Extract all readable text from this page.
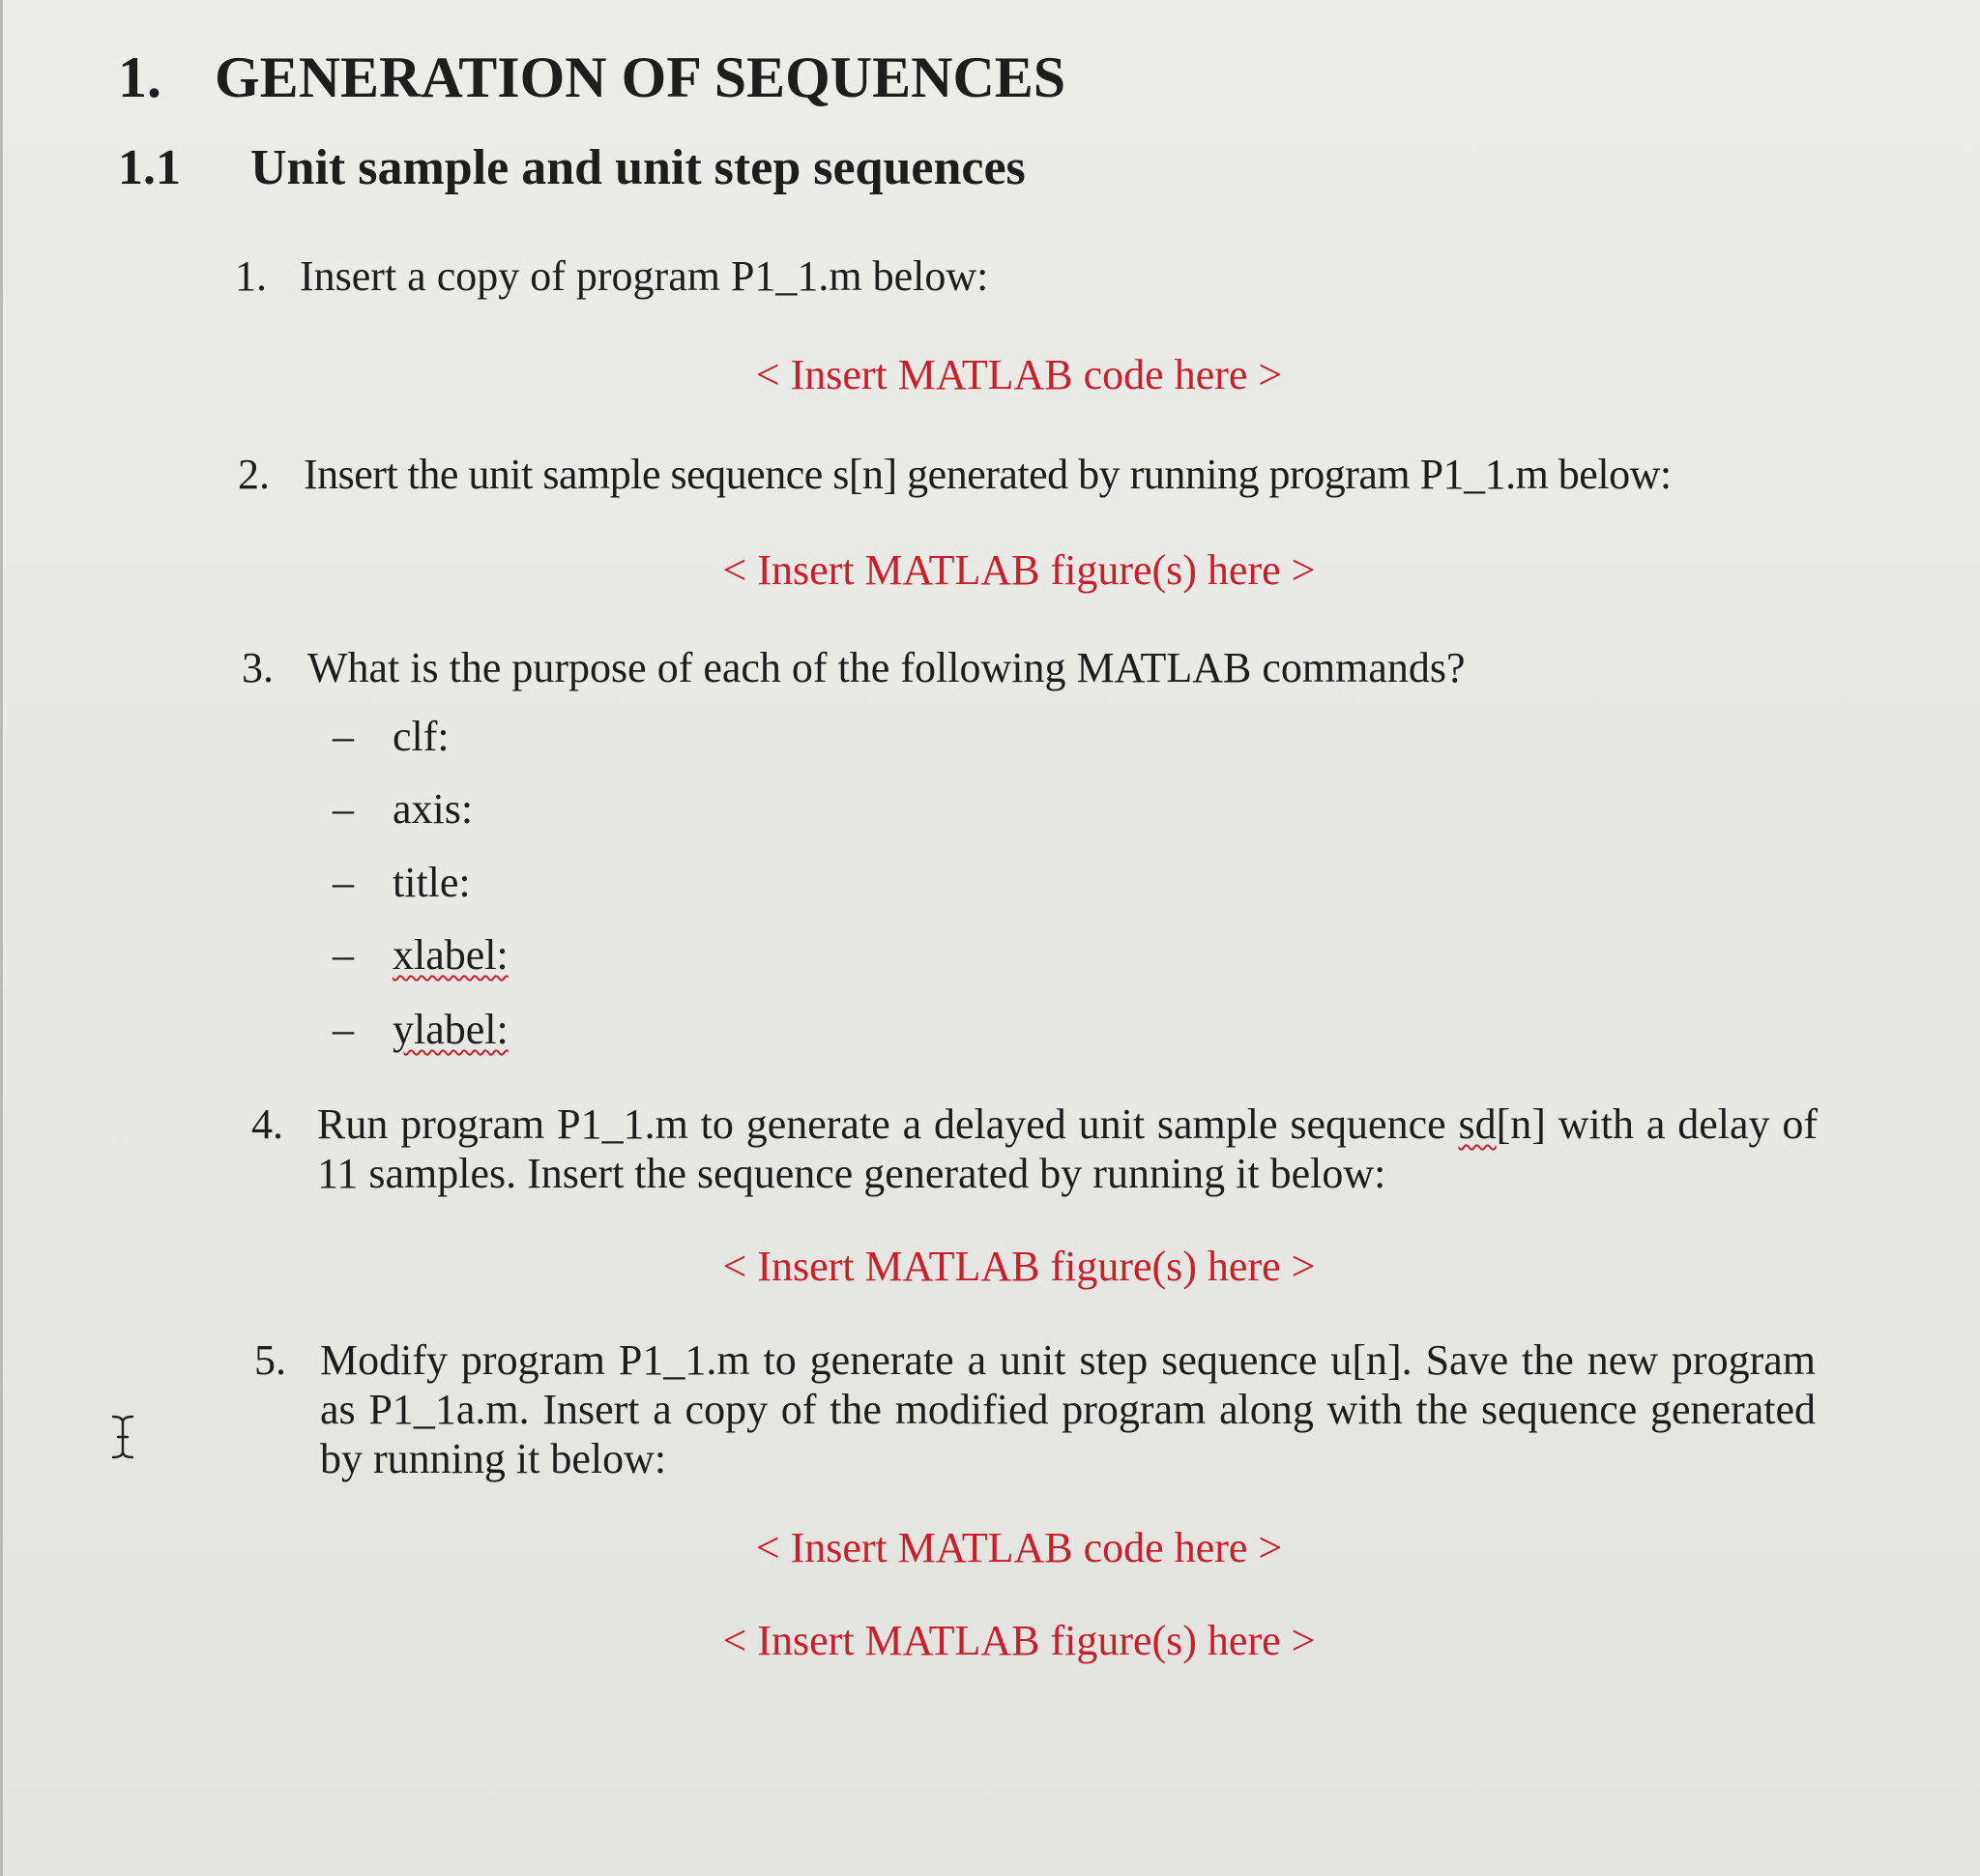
1. GENERATION OF SEQUENCES
1.1 Unit sample and unit step sequences
1. Insert a copy of program P1_1.m below:
< Insert MATLAB code here >
2. Insert the unit sample sequence s[n] generated by running program P1_1.m below:
< Insert MATLAB figure(s) here >
3. What is the purpose of each of the following MATLAB commands?
– clf:
– axis:
– title:
– xlabel:
– ylabel:
4. Run program P1_1.m to generate a delayed unit sample sequence sd[n] with a delay of 11 samples. Insert the sequence generated by running it below:
< Insert MATLAB figure(s) here >
5. Modify program P1_1.m to generate a unit step sequence u[n]. Save the new program as P1_1a.m. Insert a copy of the modified program along with the sequence generated by running it below:
< Insert MATLAB code here >
< Insert MATLAB figure(s) here >
